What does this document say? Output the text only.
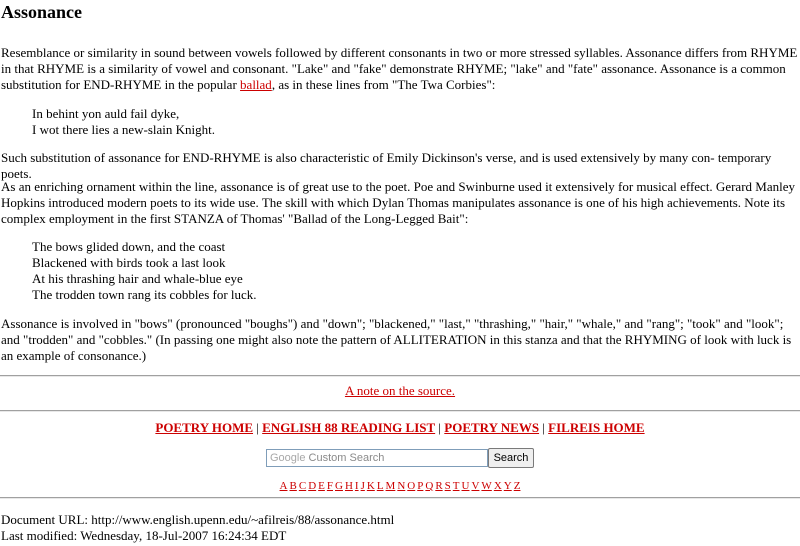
Assonance

Resemblance or similarity in sound between vowels followed by different consonants in two or more stressed syllables. Assonance differs from RHYME in that RHYME is a similarity of vowel and consonant. "Lake" and "fake" demonstrate RHYME; "lake" and "fate" assonance. Assonance is a common substitution for END-RHYME in the popular ballad, as in these lines from "The Twa Corbies":

In behint yon auld fail dyke,
I wot there lies a new-slain Knight.

Such substitution of assonance for END-RHYME is also characteristic of Emily Dickinson's verse, and is used extensively by many con- temporary poets.

As an enriching ornament within the line, assonance is of great use to the poet. Poe and Swinburne used it extensively for musical effect. Gerard Manley Hopkins introduced modern poets to its wide use. The skill with which Dylan Thomas manipulates assonance is one of his high achievements. Note its complex employment in the first STANZA of Thomas' "Ballad of the Long-Legged Bait":

The bows glided down, and the coast
Blackened with birds took a last look
At his thrashing hair and whale-blue eye
The trodden town rang its cobbles for luck.

Assonance is involved in "bows" (pronounced "boughs") and "down"; "blackened," "last," "thrashing," "hair," "whale," and "rang"; "took" and "look"; and "trodden" and "cobbles." (In passing one might also note the pattern of ALLITERATION in this stanza and that the RHYMING of look with luck is an example of consonance.)

A note on the source.
POETRY HOME | ENGLISH 88 READING LIST | POETRY NEWS | FILREIS HOME
Google Custom Search	Search
A B C D E F G H I J K L M N O P Q R S T U V W X Y Z
Document URL: http://www.english.upenn.edu/~afilreis/88/assonance.html
Last modified: Wednesday, 18-Jul-2007 16:24:34 EDT
